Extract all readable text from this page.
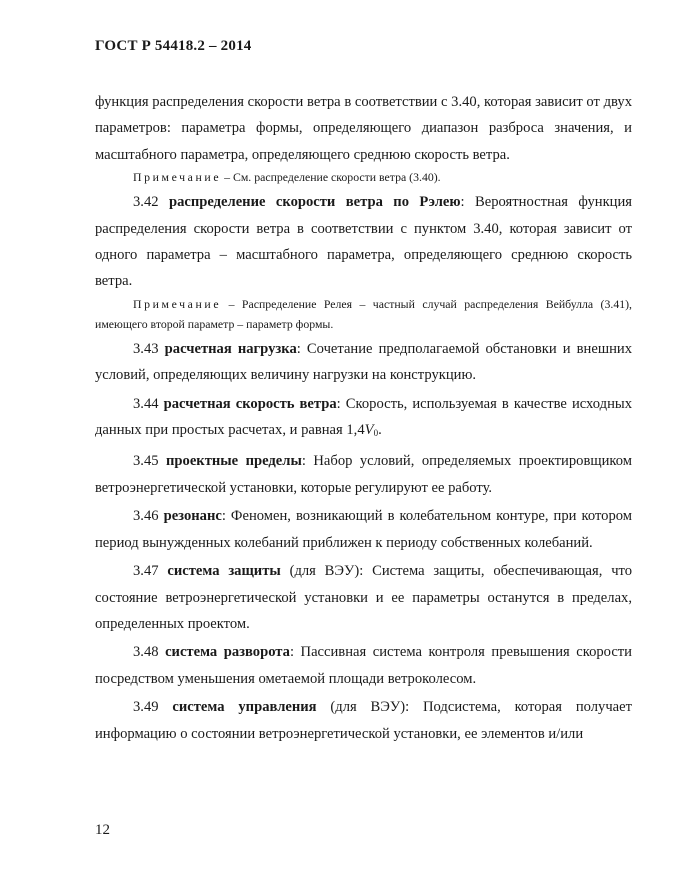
ГОСТ Р 54418.2 – 2014

функция распределения скорости ветра в соответствии с 3.40, которая зависит от двух параметров: параметра формы, определяющего диапазон разброса значения, и масштабного параметра, определяющего среднюю скорость ветра.

Примечание – См. распределение скорости ветра (3.40).

3.42 распределение скорости ветра по Рэлею: Вероятностная функция распределения скорости ветра в соответствии с пунктом 3.40, которая зависит от одного параметра – масштабного параметра, определяющего среднюю скорость ветра.

Примечание – Распределение Релея – частный случай распределения Вейбулла (3.41), имеющего второй параметр – параметр формы.

3.43 расчетная нагрузка: Сочетание предполагаемой обстановки и внешних условий, определяющих величину нагрузки на конструкцию.

3.44 расчетная скорость ветра: Скорость, используемая в качестве исходных данных при простых расчетах, и равная $1,4V_0$.

3.45 проектные пределы: Набор условий, определяемых проектировщиком ветроэнергетической установки, которые регулируют ее работу.

3.46 резонанс: Феномен, возникающий в колебательном контуре, при котором период вынужденных колебаний приближен к периоду собственных колебаний.

3.47 система защиты (для ВЭУ): Система защиты, обеспечивающая, что состояние ветроэнергетической установки и ее параметры останутся в пределах, определенных проектом.

3.48 система разворота: Пассивная система контроля превышения скорости посредством уменьшения ометаемой площади ветроколесом.

3.49 система управления (для ВЭУ): Подсистема, которая получает информацию о состоянии ветроэнергетической установки, ее элементов и/или

12
